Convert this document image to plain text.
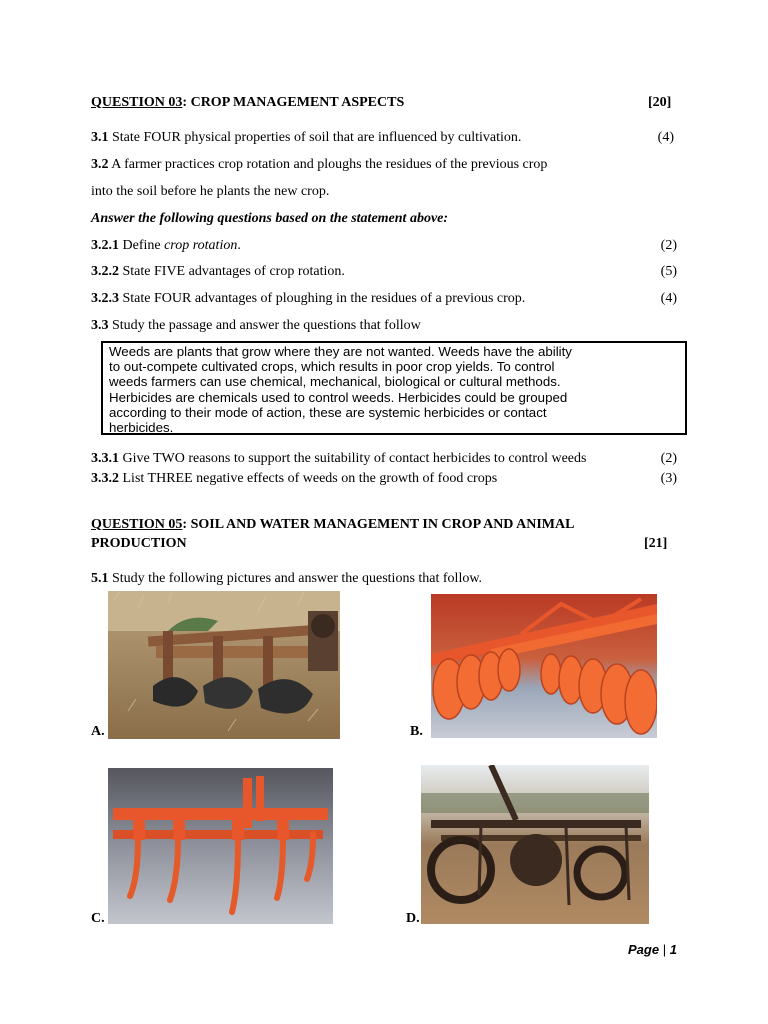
QUESTION 03: CROP MANAGEMENT ASPECTS	[20]
3.1 State FOUR physical properties of soil that are influenced by cultivation.	(4)
3.2 A farmer practices crop rotation and ploughs the residues of the previous crop
into the soil before he plants the new crop.
Answer the following questions based on the statement above:
3.2.1 Define crop rotation.	(2)
3.2.2 State FIVE advantages of crop rotation.	(5)
3.2.3 State FOUR advantages of ploughing in the residues of a previous crop.	(4)
3.3 Study the passage and answer the questions that follow
Weeds are plants that grow where they are not wanted. Weeds have the ability
to out-compete cultivated crops, which results in poor crop yields. To control
weeds farmers can use chemical, mechanical, biological or cultural methods.
Herbicides are chemicals used to control weeds. Herbicides could be grouped
according to their mode of action, these are systemic herbicides or contact
herbicides.
3.3.1 Give TWO reasons to support the suitability of contact herbicides to control weeds	(2)
3.3.2 List THREE negative effects of weeds on the growth of food crops	(3)
QUESTION 05: SOIL AND WATER MANAGEMENT IN CROP AND ANIMAL
PRODUCTION	[21]
5.1 Study the following pictures and answer the questions that follow.
A.	B.
C.	D.
Page | 1
